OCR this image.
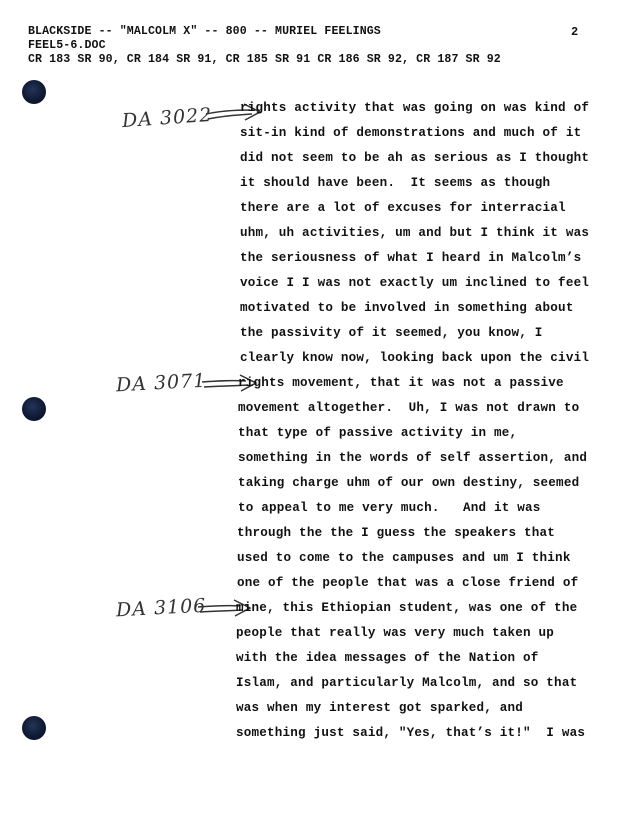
BLACKSIDE -- "MALCOLM X" -- 800 -- MURIEL FEELINGS
FEEL5-6.DOC
CR 183 SR 90, CR 184 SR 91, CR 185 SR 91 CR 186 SR 92, CR 187 SR 92
2
DA 3022
DA 3071
DA 3106
rights activity that was going on was kind of
sit-in kind of demonstrations and much of it
did not seem to be ah as serious as I thought
it should have been.  It seems as though
there are a lot of excuses for interracial
uhm, uh activities, um and but I think it was
the seriousness of what I heard in Malcolm’s
voice I I was not exactly um inclined to feel
motivated to be involved in something about
the passivity of it seemed, you know, I
clearly know now, looking back upon the civil
rights movement, that it was not a passive
movement altogether.  Uh, I was not drawn to
that type of passive activity in me,
something in the words of self assertion, and
taking charge uhm of our own destiny, seemed
to appeal to me very much.   And it was
through the the I guess the speakers that
used to come to the campuses and um I think
one of the people that was a close friend of
mine, this Ethiopian student, was one of the
people that really was very much taken up
with the idea messages of the Nation of
Islam, and particularly Malcolm, and so that
was when my interest got sparked, and
something just said, "Yes, that’s it!"  I was
